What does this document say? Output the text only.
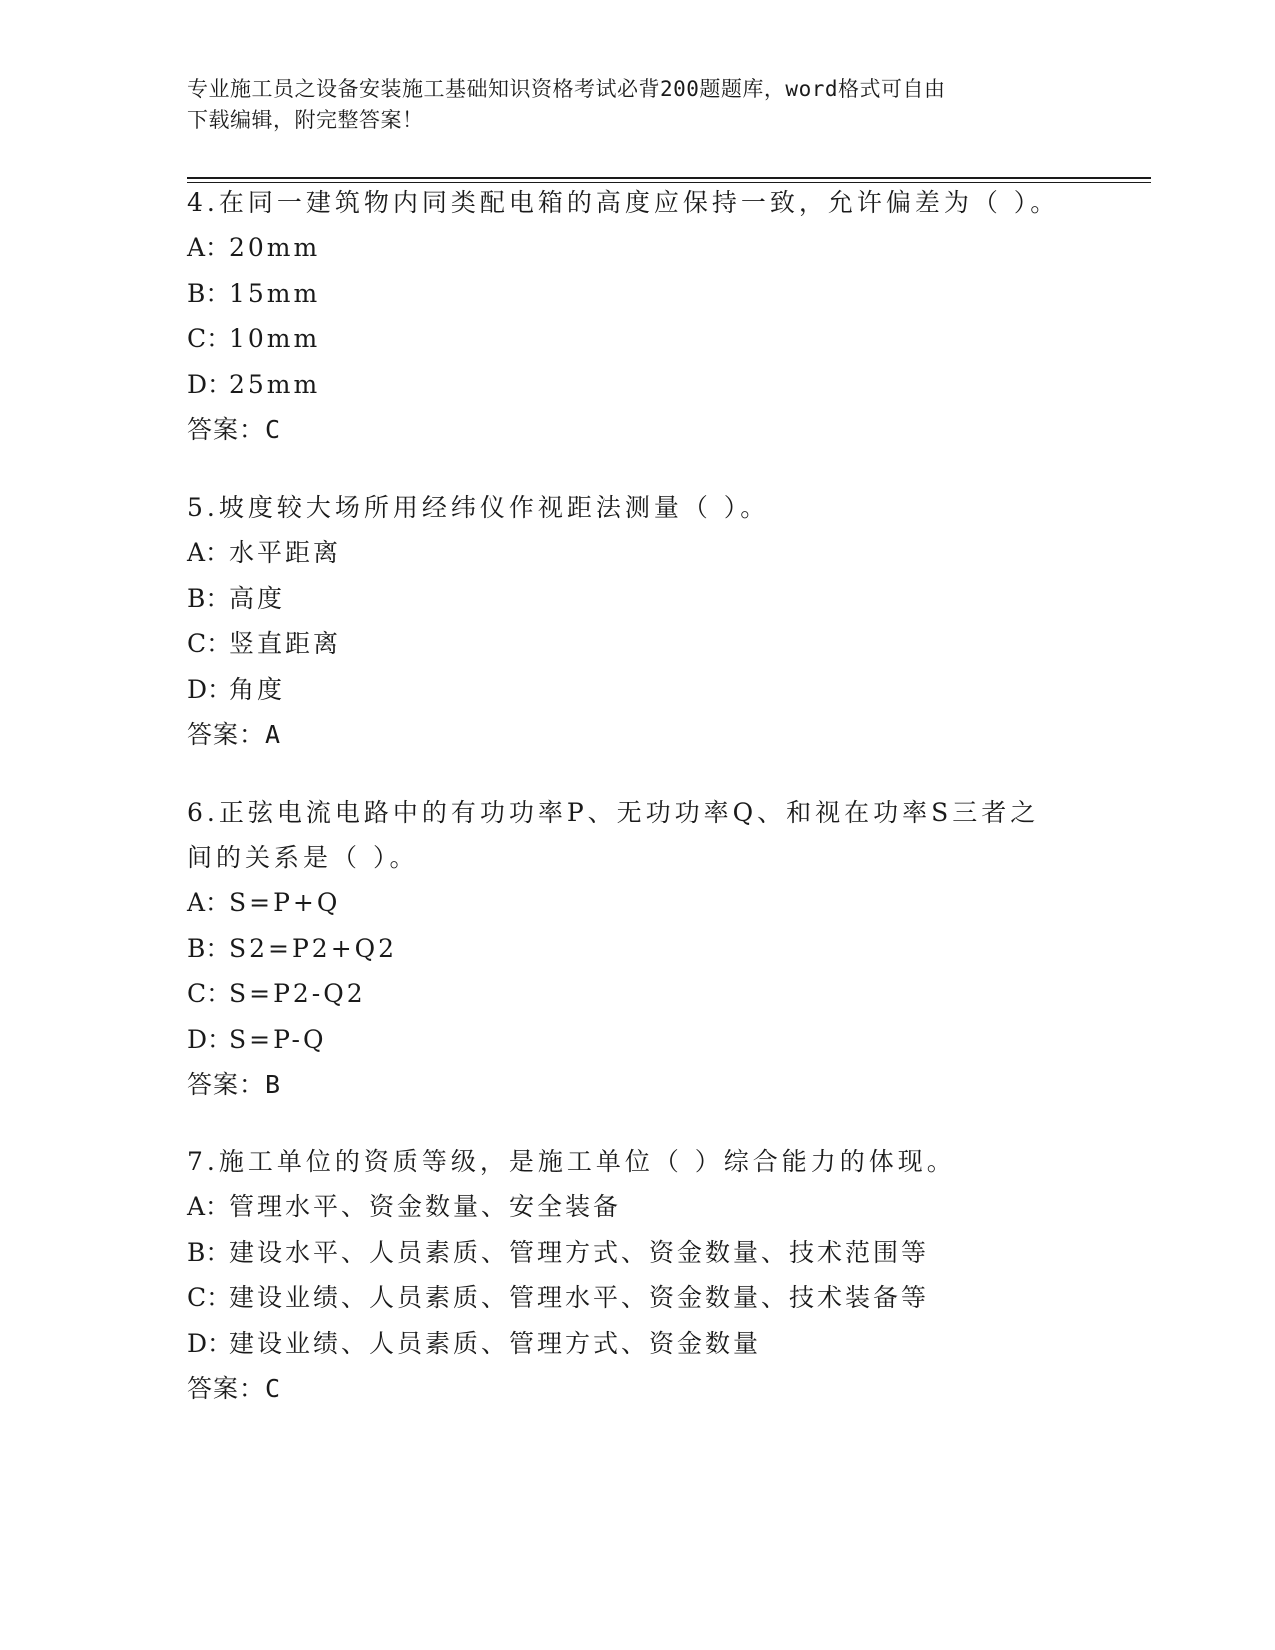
专业施工员之设备安装施工基础知识资格考试必背200题题库，word格式可自由
下载编辑，附完整答案！
4.在同一建筑物内同类配电箱的高度应保持一致，允许偏差为（ ）。
A：20mm
B：15mm
C：10mm
D：25mm
答案：C
5.坡度较大场所用经纬仪作视距法测量（ ）。
A：水平距离
B：高度
C：竖直距离
D：角度
答案：A
6.正弦电流电路中的有功功率P、无功功率Q、和视在功率S三者之间的关系是（ ）。
A：S=P+Q
B：S2=P2+Q2
C：S=P2-Q2
D：S=P-Q
答案：B
7.施工单位的资质等级，是施工单位（ ）综合能力的体现。
A：管理水平、资金数量、安全装备
B：建设水平、人员素质、管理方式、资金数量、技术范围等
C：建设业绩、人员素质、管理水平、资金数量、技术装备等
D：建设业绩、人员素质、管理方式、资金数量
答案：C
